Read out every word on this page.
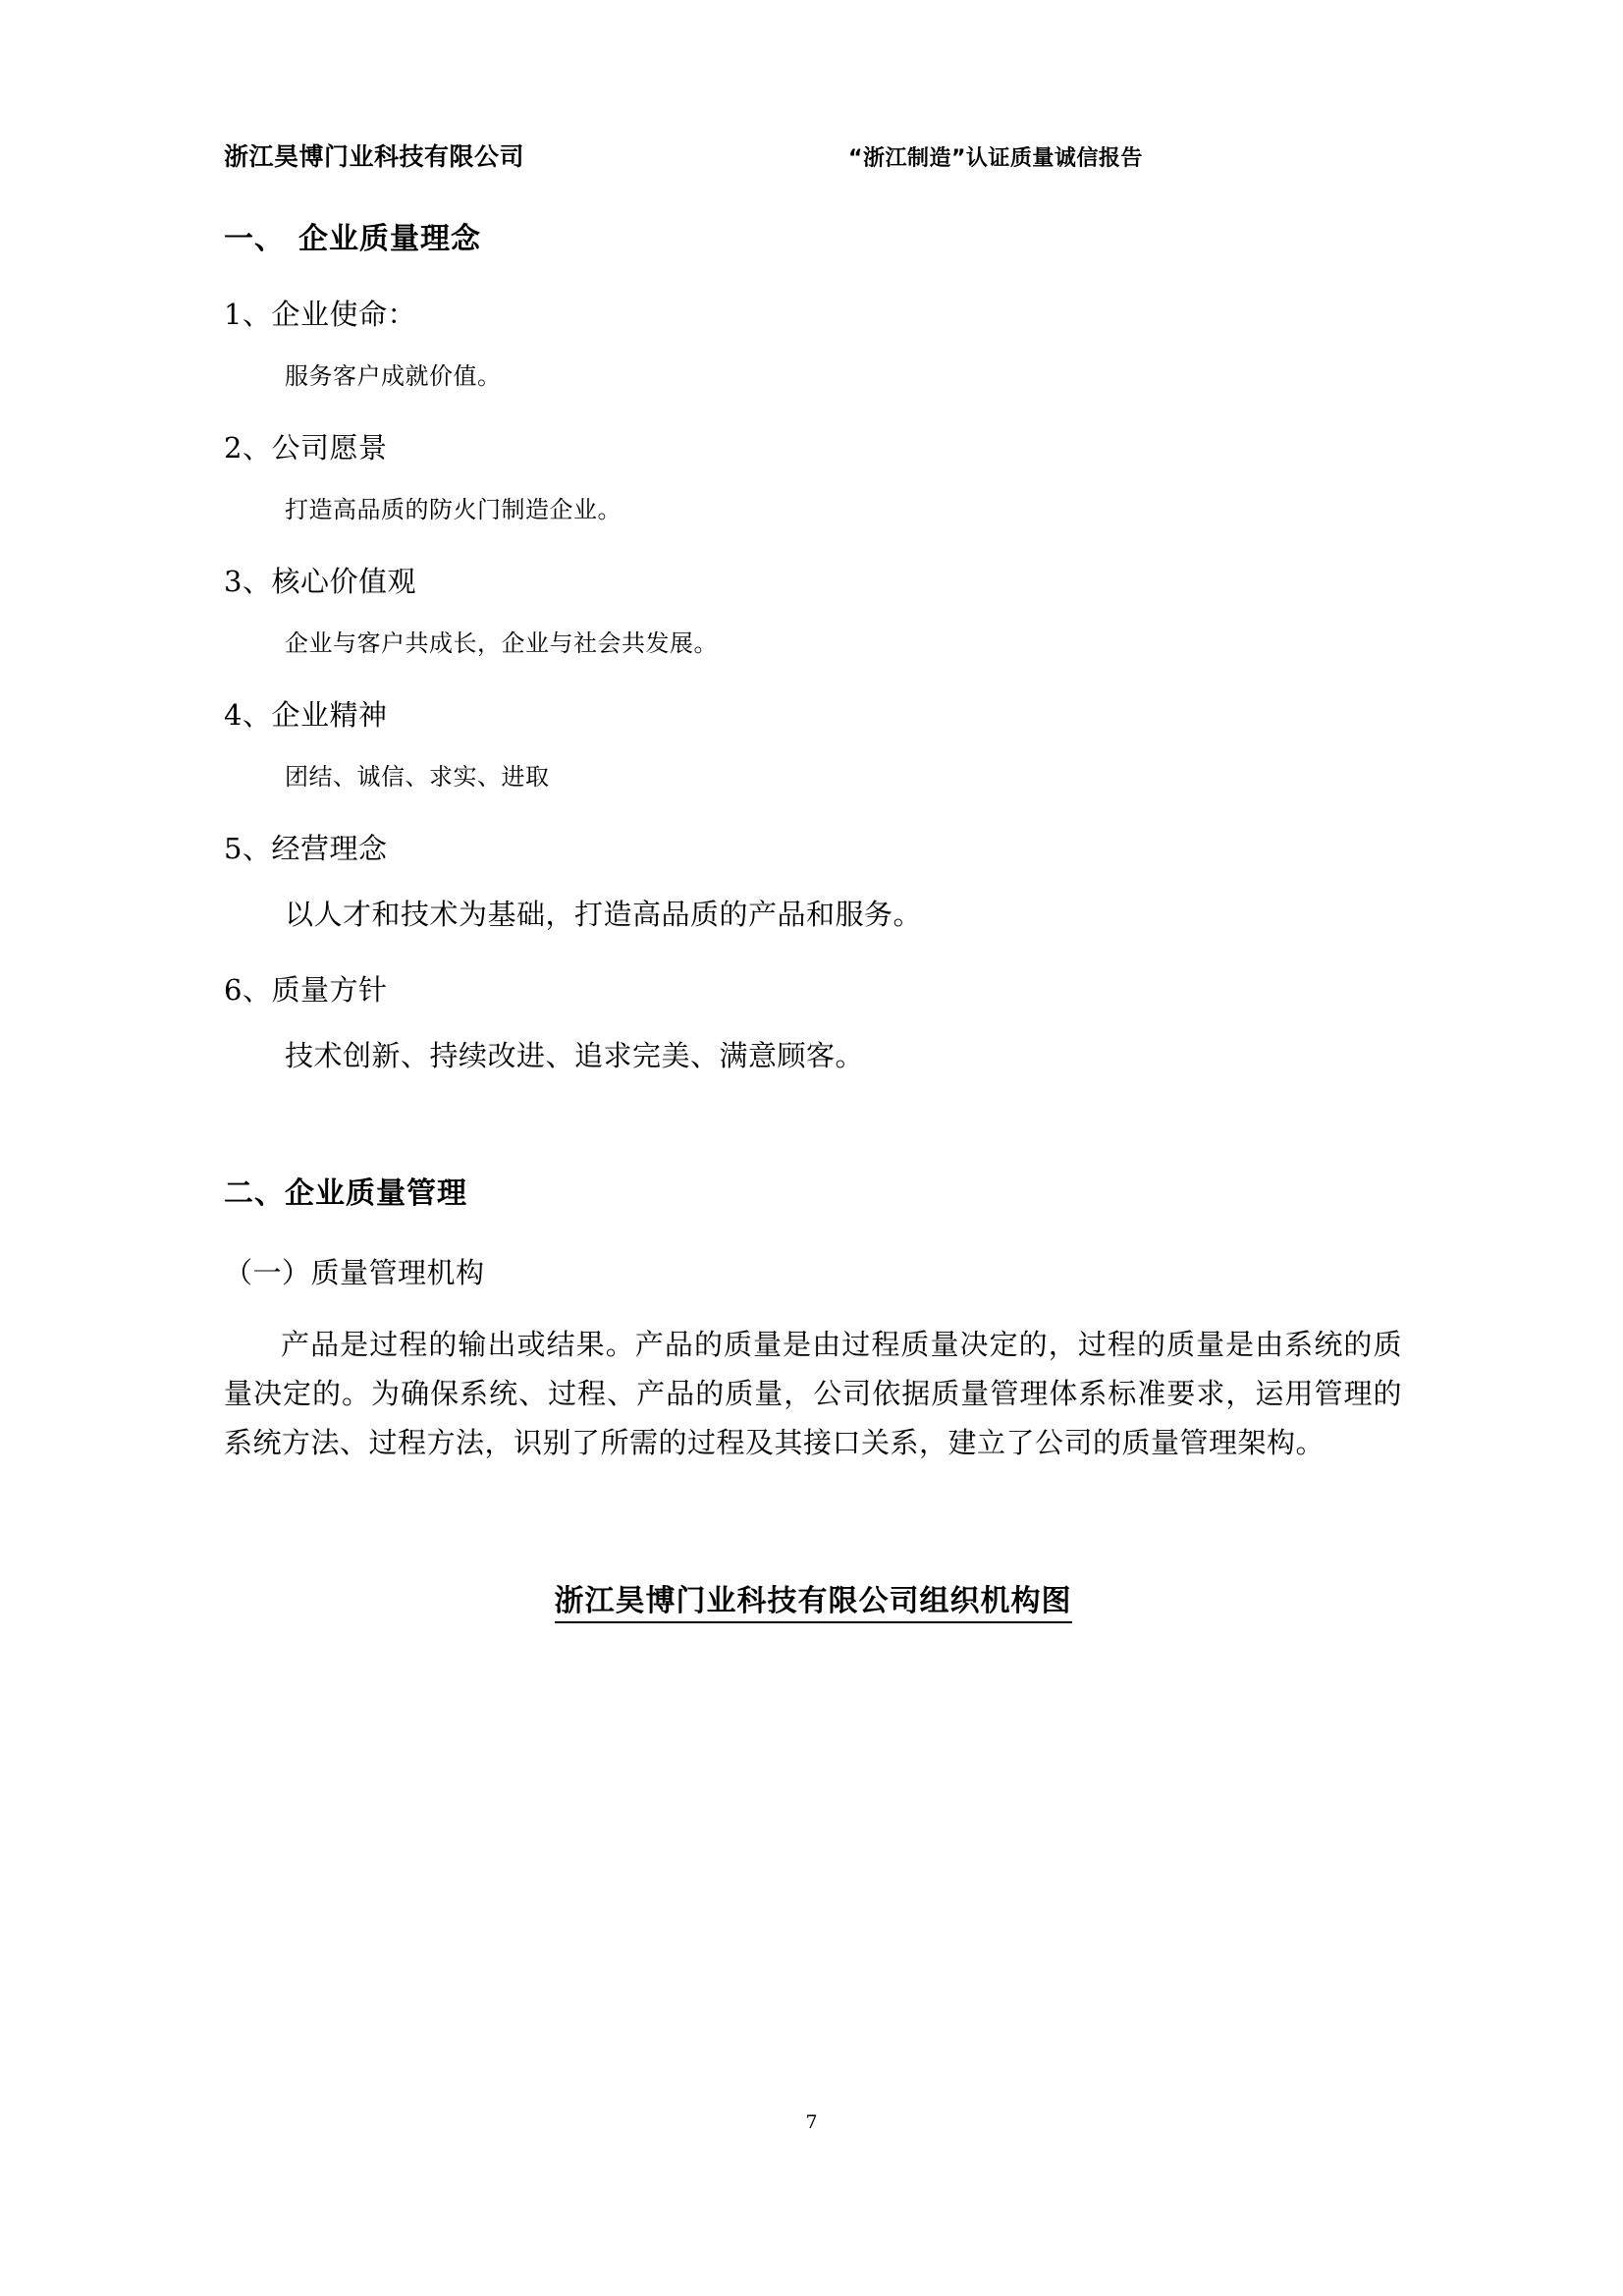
浙江昊博门业科技有限公司	“浙江制造”认证质量诚信报告
一、 企业质量理念
1、企业使命：
服务客户成就价值。
2、公司愿景
打造高品质的防火门制造企业。
3、核心价值观
企业与客户共成长，企业与社会共发展。
4、企业精神
团结、诚信、求实、进取
5、经营理念
以人才和技术为基础，打造高品质的产品和服务。
6、质量方针
技术创新、持续改进、追求完美、满意顾客。
二、企业质量管理
（一）质量管理机构
产品是过程的输出或结果。产品的质量是由过程质量决定的，过程的质量是由系统的质量决定的。为确保系统、过程、产品的质量，公司依据质量管理体系标准要求，运用管理的系统方法、过程方法，识别了所需的过程及其接口关系，建立了公司的质量管理架构。
浙江昊博门业科技有限公司组织机构图
7
